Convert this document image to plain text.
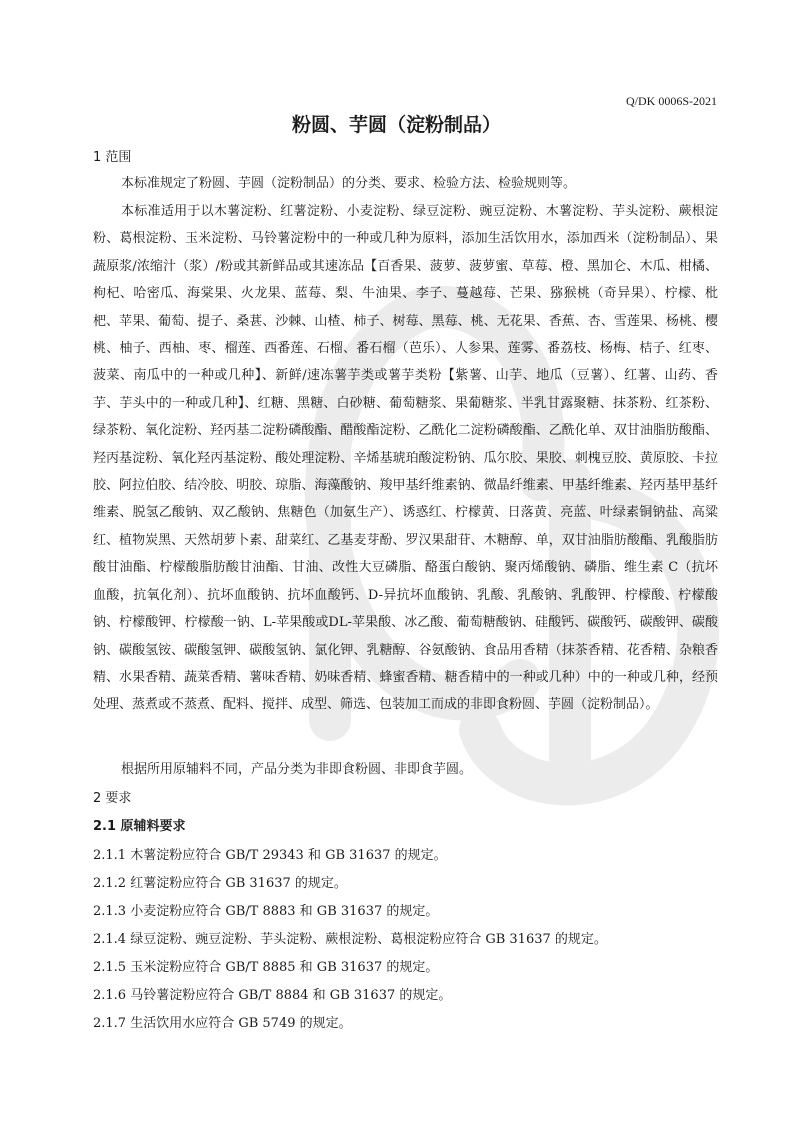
Q/DK 0006S-2021
粉圆、芋圆（淀粉制品）
1 范围
本标准规定了粉圆、芋圆（淀粉制品）的分类、要求、检验方法、检验规则等。
本标准适用于以木薯淀粉、红薯淀粉、小麦淀粉、绿豆淀粉、豌豆淀粉、木薯淀粉、芋头淀粉、蕨根淀粉、葛根淀粉、玉米淀粉、马铃薯淀粉中的一种或几种为原料，添加生活饮用水，添加西米（淀粉制品）、果蔬原浆/浓缩汁（浆）/粉或其新鲜品或其速冻品【百香果、菠萝、菠萝蜜、草莓、橙、黑加仑、木瓜、柑橘、枸杞、哈密瓜、海棠果、火龙果、蓝莓、梨、牛油果、李子、蔓越莓、芒果、猕猴桃（奇异果）、柠檬、枇杷、苹果、葡萄、提子、桑葚、沙棘、山楂、柿子、树莓、黑莓、桃、无花果、香蕉、杏、雪莲果、杨桃、樱桃、柚子、西柚、枣、榴莲、西番莲、石榴、番石榴（芭乐）、人参果、莲雾、番荔枝、杨梅、桔子、红枣、菠菜、南瓜中的一种或几种】、新鲜/速冻薯芋类或薯芋类粉【紫薯、山芋、地瓜（豆薯）、红薯、山药、香芋、芋头中的一种或几种】、红糖、黑糖、白砂糖、葡萄糖浆、果葡糖浆、半乳甘露聚糖、抹茶粉、红茶粉、绿茶粉、氧化淀粉、羟丙基二淀粉磷酸酯、醋酸酯淀粉、乙酰化二淀粉磷酸酯、乙酰化单、双甘油脂肪酸酯、羟丙基淀粉、氧化羟丙基淀粉、酸处理淀粉、辛烯基琥珀酸淀粉钠、瓜尔胶、果胶、刺槐豆胶、黄原胶、卡拉胶、阿拉伯胶、结冷胶、明胶、琼脂、海藻酸钠、羧甲基纤维素钠、微晶纤维素、甲基纤维素、羟丙基甲基纤维素、脱氢乙酸钠、双乙酸钠、焦糖色（加氨生产）、诱惑红、柠檬黄、日落黄、亮蓝、叶绿素铜钠盐、高粱红、植物炭黑、天然胡萝卜素、甜菜红、乙基麦芽酚、罗汉果甜苷、木糖醇、单，双甘油脂肪酸酯、乳酸脂肪酸甘油酯、柠檬酸脂肪酸甘油酯、甘油、改性大豆磷脂、酪蛋白酸钠、聚丙烯酸钠、磷脂、维生素 C（抗坏血酸，抗氧化剂）、抗坏血酸钠、抗坏血酸钙、D-异抗坏血酸钠、乳酸、乳酸钠、乳酸钾、柠檬酸、柠檬酸钠、柠檬酸钾、柠檬酸一钠、L-苹果酸或DL-苹果酸、冰乙酸、葡萄糖酸钠、硅酸钙、碳酸钙、碳酸钾、碳酸钠、碳酸氢铵、碳酸氢钾、碳酸氢钠、氯化钾、乳糖醇、谷氨酸钠、食品用香精（抹茶香精、花香精、杂粮香精、水果香精、蔬菜香精、薯味香精、奶味香精、蜂蜜香精、糖香精中的一种或几种）中的一种或几种，经预处理、蒸煮或不蒸煮、配料、搅拌、成型、筛选、包装加工而成的非即食粉圆、芋圆（淀粉制品）。
根据所用原辅料不同，产品分类为非即食粉圆、非即食芋圆。
2 要求
2.1 原辅料要求
2.1.1 木薯淀粉应符合 GB/T 29343 和 GB 31637 的规定。
2.1.2 红薯淀粉应符合 GB 31637 的规定。
2.1.3 小麦淀粉应符合 GB/T 8883 和 GB 31637 的规定。
2.1.4 绿豆淀粉、豌豆淀粉、芋头淀粉、蕨根淀粉、葛根淀粉应符合 GB 31637 的规定。
2.1.5 玉米淀粉应符合 GB/T 8885 和 GB 31637 的规定。
2.1.6 马铃薯淀粉应符合 GB/T 8884 和 GB 31637 的规定。
2.1.7 生活饮用水应符合 GB 5749 的规定。
